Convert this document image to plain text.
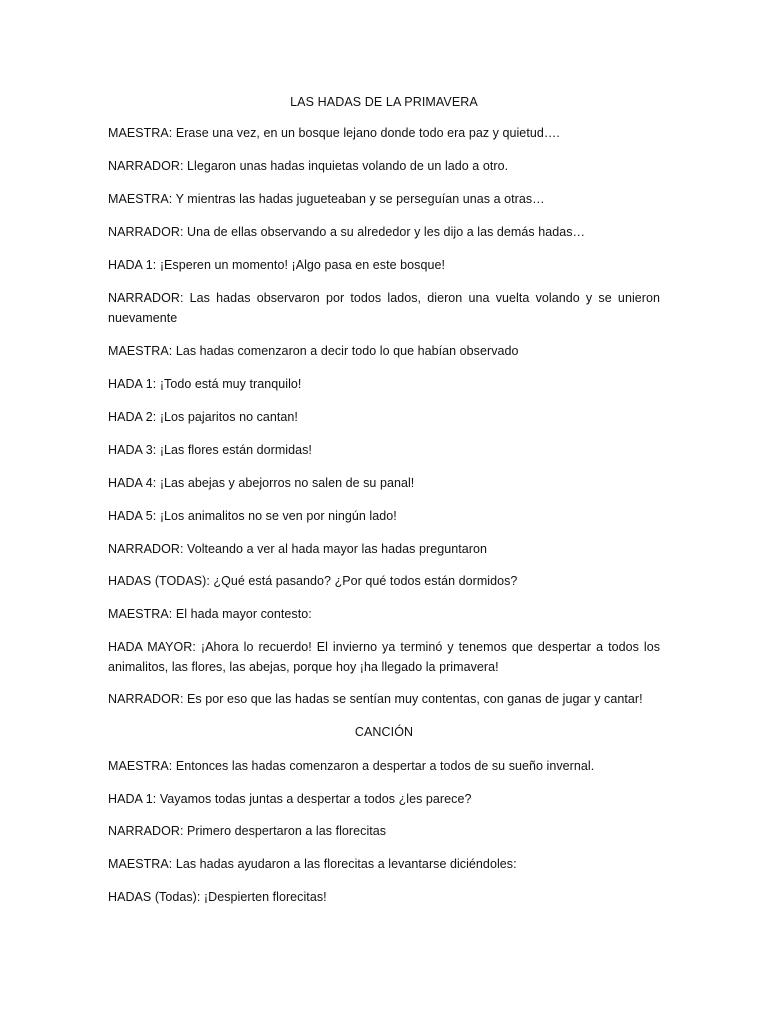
LAS HADAS DE LA PRIMAVERA
MAESTRA : Erase una vez, en un bosque lejano donde todo era paz y quietud….
NARRADOR : Llegaron unas hadas inquietas volando de un lado a otro.
MAESTRA : Y mientras las hadas jugueteaban y se perseguían unas a otras…
NARRADOR : Una de ellas observando a su alrededor y les dijo a las demás hadas…
HADA 1 : ¡Esperen un momento! ¡Algo pasa en este bosque!
NARRADOR : Las hadas observaron por todos lados, dieron una vuelta volando y se unieron nuevamente
MAESTRA : Las hadas comenzaron a decir todo lo que habían observado
HADA 1 : ¡Todo está muy tranquilo!
HADA 2 : ¡Los pajaritos no cantan!
HADA 3 : ¡Las flores están dormidas!
HADA 4 : ¡Las abejas y abejorros no salen de su panal!
HADA 5 : ¡Los animalitos no se ven por ningún lado!
NARRADOR : Volteando a ver al hada mayor las hadas preguntaron
HADAS (TODAS) : ¿Qué está pasando? ¿Por qué todos están dormidos?
MAESTRA : El hada mayor contesto:
HADA MAYOR : ¡Ahora lo recuerdo! El invierno ya terminó y tenemos que despertar a todos los animalitos, las flores, las abejas, porque hoy ¡ha llegado la primavera!
NARRADOR : Es por eso que las hadas se sentían muy contentas, con ganas de jugar y cantar!
CANCIÓN
MAESTRA : Entonces las hadas comenzaron a despertar a todos de su sueño invernal.
HADA 1 : Vayamos todas juntas a despertar a todos ¿les parece?
NARRADOR : Primero despertaron a las florecitas
MAESTRA : Las hadas ayudaron a las florecitas a levantarse diciéndoles:
HADAS (Todas) : ¡Despierten florecitas!
